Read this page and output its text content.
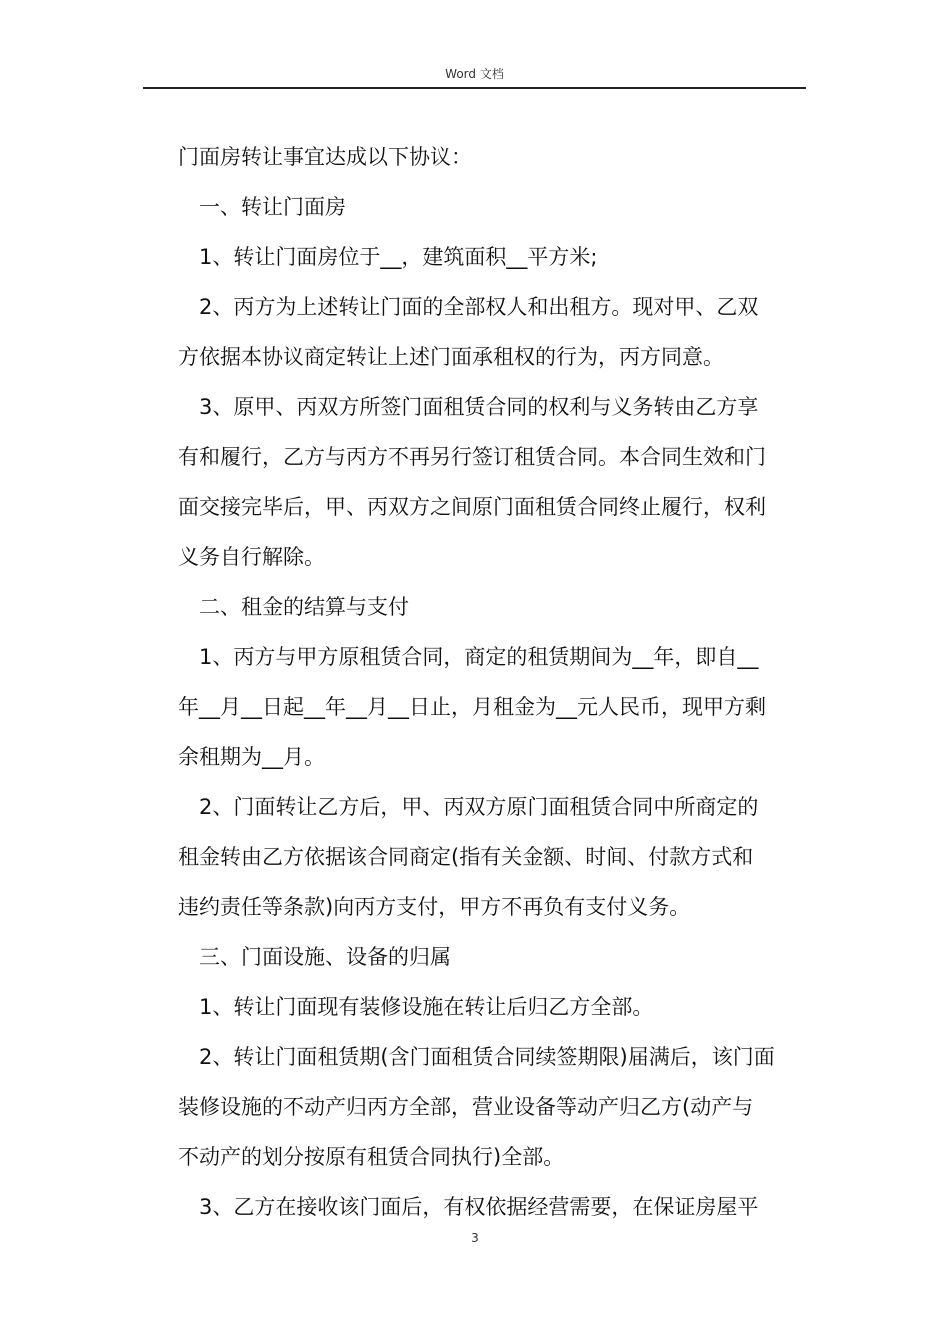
Word 文档

门面房转让事宜达成以下协议：

一、转让门面房

1、转让门面房位于__，建筑面积__平方米;

2、丙方为上述转让门面的全部权人和出租方。现对甲、乙双

方依据本协议商定转让上述门面承租权的行为，丙方同意。

3、原甲、丙双方所签门面租赁合同的权利与义务转由乙方享

有和履行，乙方与丙方不再另行签订租赁合同。本合同生效和门

面交接完毕后，甲、丙双方之间原门面租赁合同终止履行，权利

义务自行解除。

二、租金的结算与支付

1、丙方与甲方原租赁合同，商定的租赁期间为__年，即自__

年__月__日起__年__月__日止，月租金为__元人民币，现甲方剩

余租期为__月。

2、门面转让乙方后，甲、丙双方原门面租赁合同中所商定的

租金转由乙方依据该合同商定(指有关金额、时间、付款方式和

违约责任等条款)向丙方支付，甲方不再负有支付义务。

三、门面设施、设备的归属

1、转让门面现有装修设施在转让后归乙方全部。

2、转让门面租赁期(含门面租赁合同续签期限)届满后，该门面

装修设施的不动产归丙方全部，营业设备等动产归乙方(动产与

不动产的划分按原有租赁合同执行)全部。

3、乙方在接收该门面后，有权依据经营需要，在保证房屋平

3
